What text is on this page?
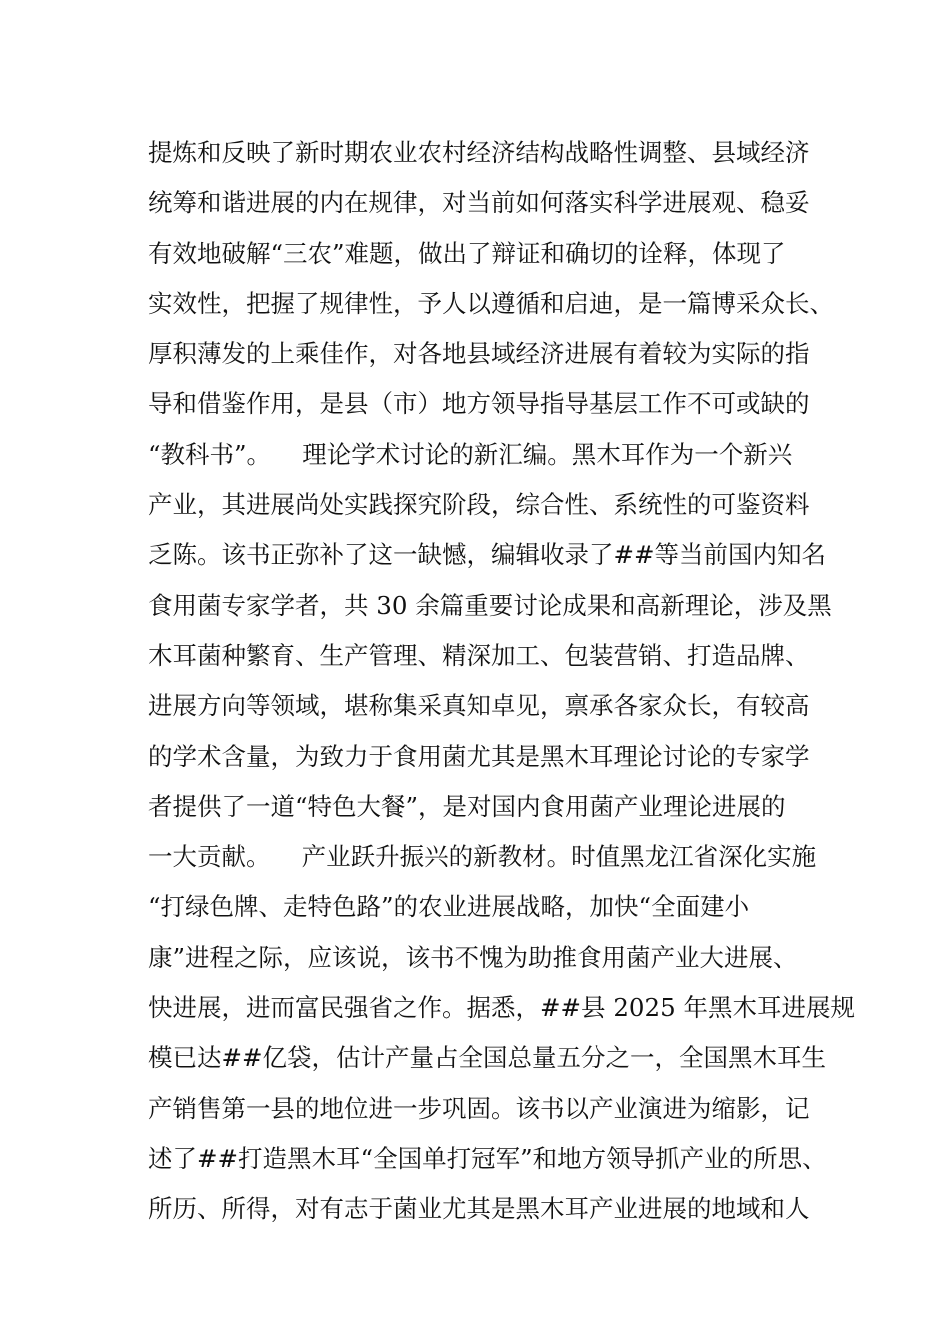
提炼和反映了新时期农业农村经济结构战略性调整、县域经济
统筹和谐进展的内在规律，对当前如何落实科学进展观、稳妥
有效地破解“三农”难题，做出了辩证和确切的诠释，体现了
实效性，把握了规律性，予人以遵循和启迪，是一篇博采众长、
厚积薄发的上乘佳作，对各地县域经济进展有着较为实际的指
导和借鉴作用，是县（市）地方领导指导基层工作不可或缺的
“教科书”。    理论学术讨论的新汇编。黑木耳作为一个新兴
产业，其进展尚处实践探究阶段，综合性、系统性的可鉴资料
乏陈。该书正弥补了这一缺憾，编辑收录了##等当前国内知名
食用菌专家学者，共 30 余篇重要讨论成果和高新理论，涉及黑
木耳菌种繁育、生产管理、精深加工、包装营销、打造品牌、
进展方向等领域，堪称集采真知卓见，禀承各家众长，有较高
的学术含量，为致力于食用菌尤其是黑木耳理论讨论的专家学
者提供了一道“特色大餐”，是对国内食用菌产业理论进展的
一大贡献。    产业跃升振兴的新教材。时值黑龙江省深化实施
“打绿色牌、走特色路”的农业进展战略，加快“全面建小
康”进程之际，应该说，该书不愧为助推食用菌产业大进展、
快进展，进而富民强省之作。据悉，##县 2025 年黑木耳进展规
模已达##亿袋，估计产量占全国总量五分之一，全国黑木耳生
产销售第一县的地位进一步巩固。该书以产业演进为缩影，记
述了##打造黑木耳“全国单打冠军”和地方领导抓产业的所思、
所历、所得，对有志于菌业尤其是黑木耳产业进展的地域和人
